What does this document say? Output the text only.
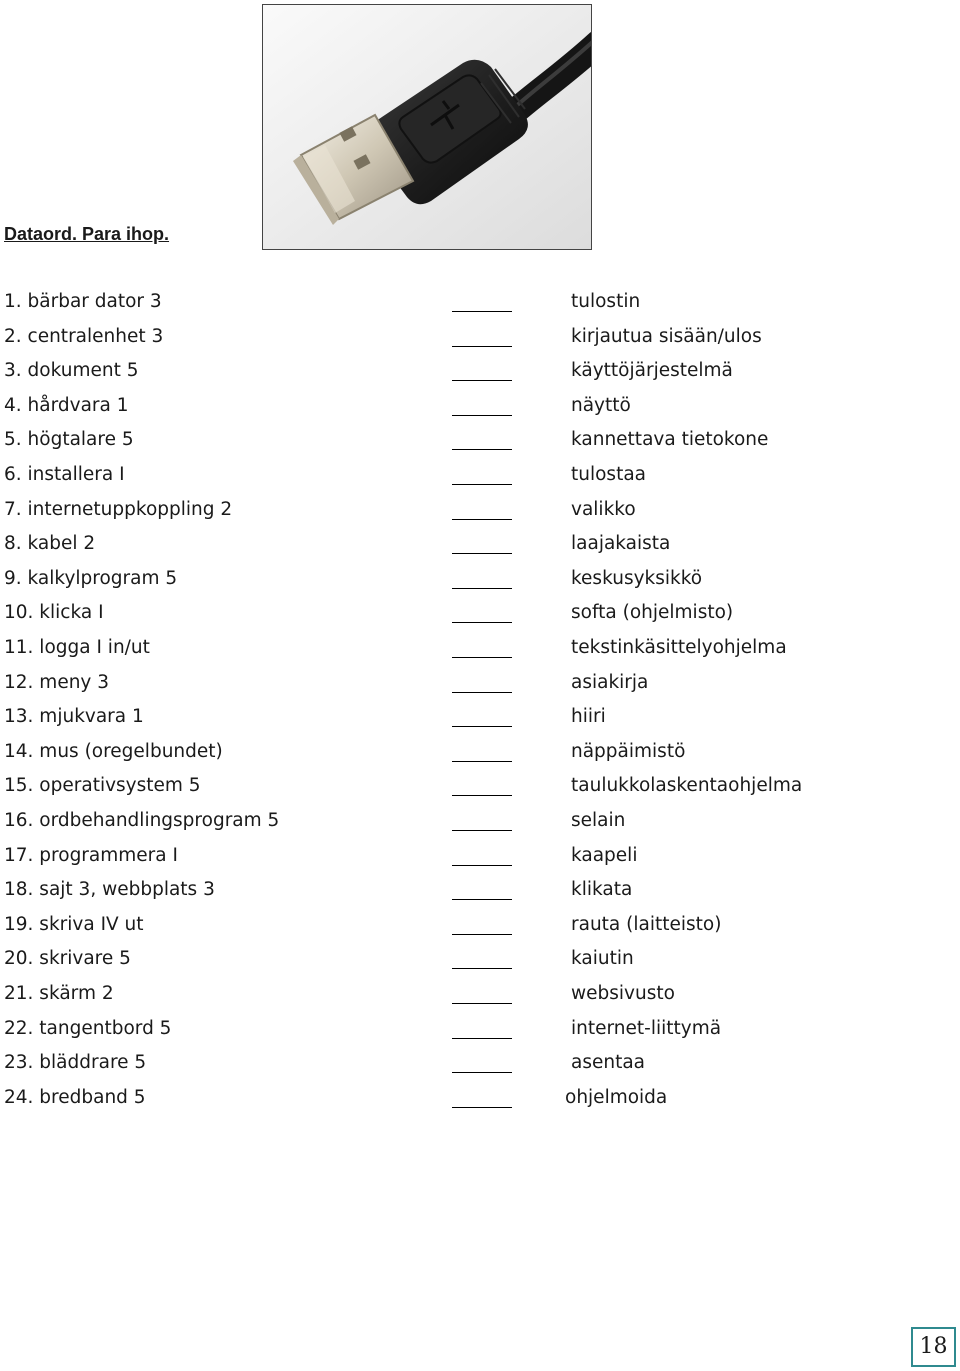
Dataord. Para ihop.
1. bärbar dator 3	tulostin
2. centralenhet 3	kirjautua sisään/ulos
3. dokument 5	käyttöjärjestelmä
4. hårdvara 1	näyttö
5. högtalare 5	kannettava tietokone
6. installera I	tulostaa
7. internetuppkoppling 2	valikko
8. kabel 2	laajakaista
9. kalkylprogram 5	keskusyksikkö
10. klicka I	softa (ohjelmisto)
11. logga I in/ut	tekstinkäsittelyohjelma
12. meny 3	asiakirja
13. mjukvara 1	hiiri
14. mus (oregelbundet)	näppäimistö
15. operativsystem 5	taulukkolaskentaohjelma
16. ordbehandlingsprogram 5	selain
17. programmera I	kaapeli
18. sajt 3, webbplats 3	klikata
19. skriva IV ut	rauta (laitteisto)
20. skrivare 5	kaiutin
21. skärm 2	websivusto
22. tangentbord 5	internet-liittymä
23. bläddrare 5	asentaa
24. bredband 5	ohjelmoida
18
